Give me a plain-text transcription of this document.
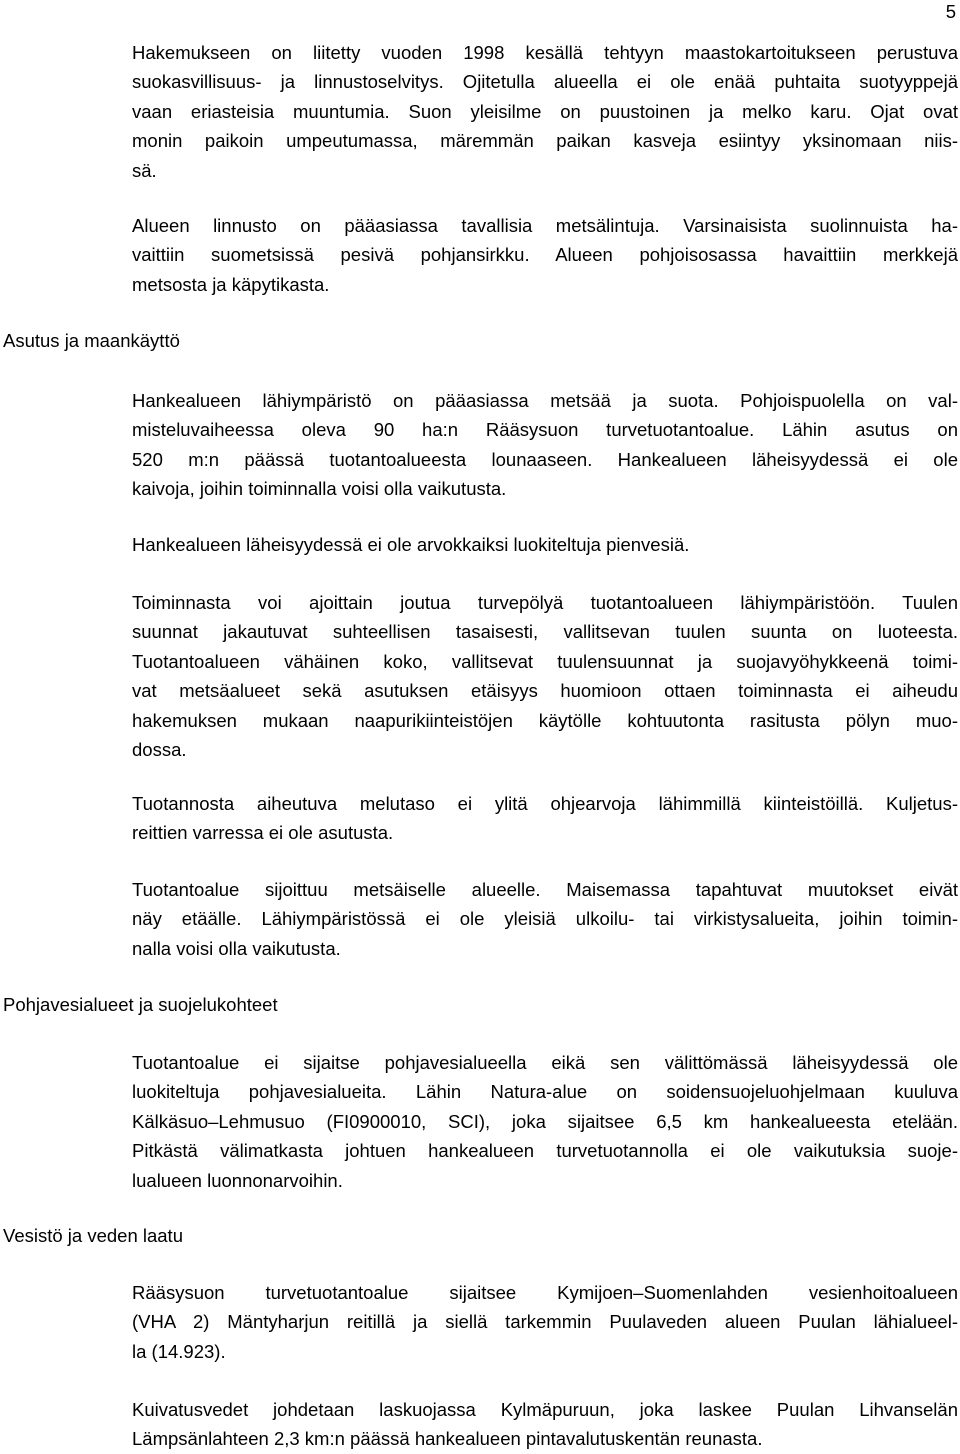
5
Hakemukseen on liitetty vuoden 1998 kesällä tehtyyn maastokartoitukseen perustuva
suokasvillisuus- ja linnustoselvitys. Ojitetulla alueella ei ole enää puhtaita suotyyppejä
vaan eriasteisia muuntumia. Suon yleisilme on puustoinen ja melko karu. Ojat ovat
monin paikoin umpeutumassa, märemmän paikan kasveja esiintyy yksinomaan niis-
sä.
Alueen linnusto on pääasiassa tavallisia metsälintuja. Varsinaisista suolinnuista ha-
vaittiin suometsissä pesivä pohjansirkku. Alueen pohjoisosassa havaittiin merkkejä
metsosta ja käpytikasta.
Asutus ja maankäyttö
Hankealueen lähiympäristö on pääasiassa metsää ja suota. Pohjoispuolella on val-
misteluvaiheessa oleva 90 ha:n Rääsysuon turvetuotantoalue. Lähin asutus on
520 m:n päässä tuotantoalueesta lounaaseen. Hankealueen läheisyydessä ei ole
kaivoja, joihin toiminnalla voisi olla vaikutusta.
Hankealueen läheisyydessä ei ole arvokkaiksi luokiteltuja pienvesiä.
Toiminnasta voi ajoittain joutua turvepölyä tuotantoalueen lähiympäristöön. Tuulen
suunnat jakautuvat suhteellisen tasaisesti, vallitsevan tuulen suunta on luoteesta.
Tuotantoalueen vähäinen koko, vallitsevat tuulensuunnat ja suojavyöhykkeenä toimi-
vat metsäalueet sekä asutuksen etäisyys huomioon ottaen toiminnasta ei aiheudu
hakemuksen mukaan naapurikiinteistöjen käytölle kohtuutonta rasitusta pölyn muo-
dossa.
Tuotannosta aiheutuva melutaso ei ylitä ohjearvoja lähimmillä kiinteistöillä. Kuljetus-
reittien varressa ei ole asutusta.
Tuotantoalue sijoittuu metsäiselle alueelle. Maisemassa tapahtuvat muutokset eivät
näy etäälle. Lähiympäristössä ei ole yleisiä ulkoilu- tai virkistysalueita, joihin toimin-
nalla voisi olla vaikutusta.
Pohjavesialueet ja suojelukohteet
Tuotantoalue ei sijaitse pohjavesialueella eikä sen välittömässä läheisyydessä ole
luokiteltuja pohjavesialueita. Lähin Natura-alue on soidensuojeluohjelmaan kuuluva
Kälkäsuo–Lehmusuo (FI0900010, SCI), joka sijaitsee 6,5 km hankealueesta etelään.
Pitkästä välimatkasta johtuen hankealueen turvetuotannolla ei ole vaikutuksia suoje-
lualueen luonnonarvoihin.
Vesistö ja veden laatu
Rääsysuon turvetuotantoalue sijaitsee Kymijoen–Suomenlahden vesienhoitoalueen
(VHA 2) Mäntyharjun reitillä ja siellä tarkemmin Puulaveden alueen Puulan lähialueel-
la (14.923).
Kuivatusvedet johdetaan laskuojassa Kylmäpuruun, joka laskee Puulan Lihvanselän
Lämpsänlahteen 2,3 km:n päässä hankealueen pintavalutuskentän reunasta.
